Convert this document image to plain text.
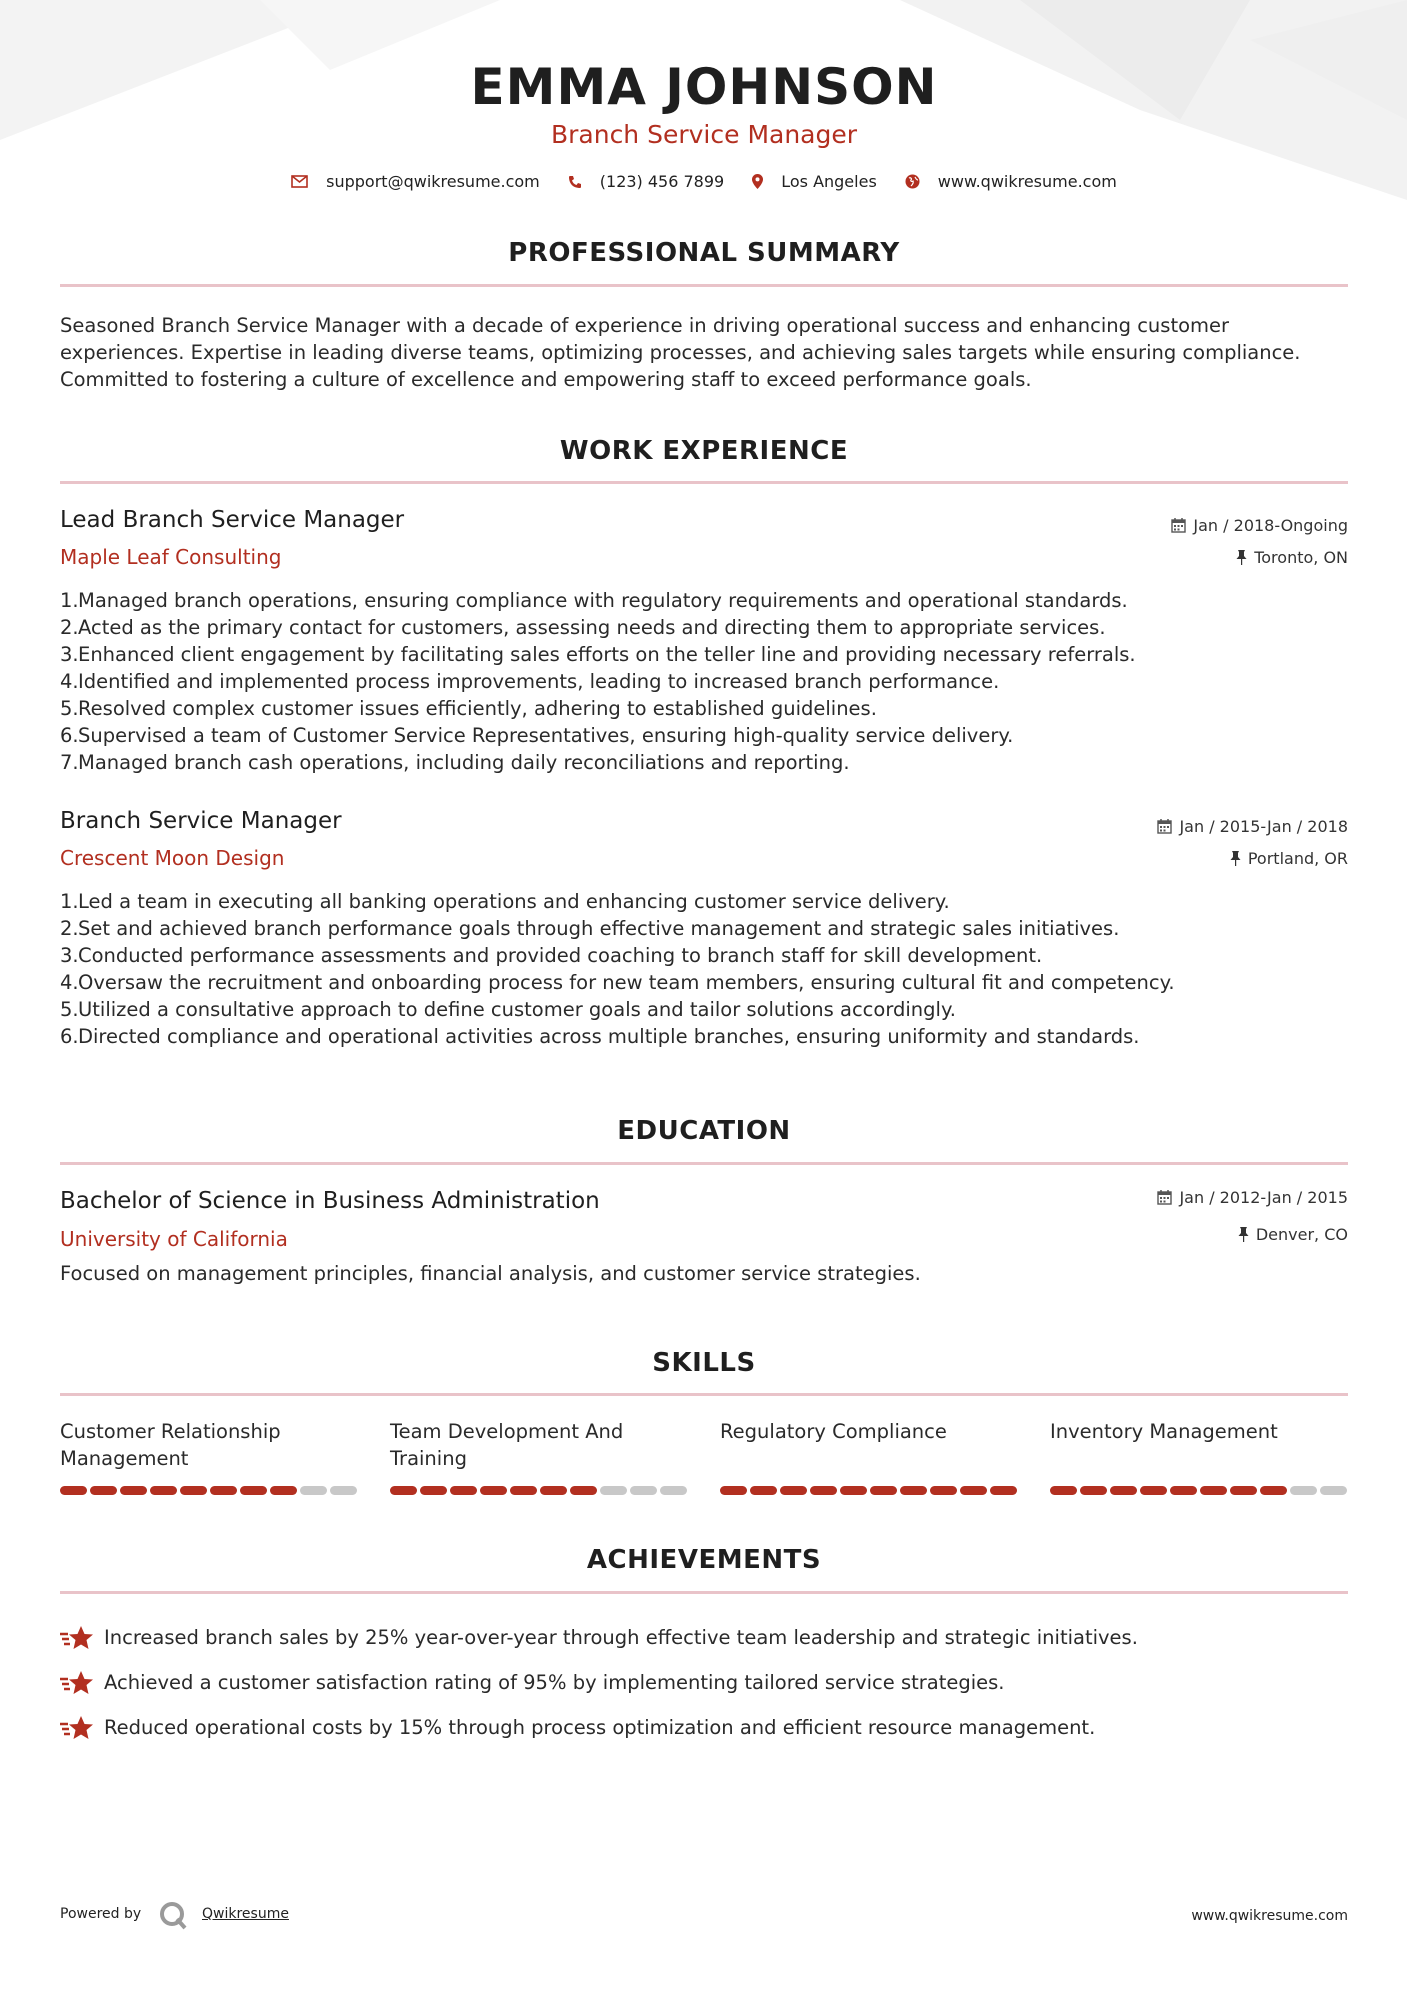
EMMA JOHNSON
Branch Service Manager
support@qwikresume.com	(123) 456 7899	Los Angeles	www.qwikresume.com
PROFESSIONAL SUMMARY
Seasoned Branch Service Manager with a decade of experience in driving operational success and enhancing customer experiences. Expertise in leading diverse teams, optimizing processes, and achieving sales targets while ensuring compliance. Committed to fostering a culture of excellence and empowering staff to exceed performance goals.
WORK EXPERIENCE
Lead Branch Service Manager
Maple Leaf Consulting
Jan / 2018-Ongoing
Toronto, ON
1. Managed branch operations, ensuring compliance with regulatory requirements and operational standards.
2. Acted as the primary contact for customers, assessing needs and directing them to appropriate services.
3. Enhanced client engagement by facilitating sales efforts on the teller line and providing necessary referrals.
4. Identified and implemented process improvements, leading to increased branch performance.
5. Resolved complex customer issues efficiently, adhering to established guidelines.
6. Supervised a team of Customer Service Representatives, ensuring high-quality service delivery.
7. Managed branch cash operations, including daily reconciliations and reporting.
Branch Service Manager
Crescent Moon Design
Jan / 2015-Jan / 2018
Portland, OR
1. Led a team in executing all banking operations and enhancing customer service delivery.
2. Set and achieved branch performance goals through effective management and strategic sales initiatives.
3. Conducted performance assessments and provided coaching to branch staff for skill development.
4. Oversaw the recruitment and onboarding process for new team members, ensuring cultural fit and competency.
5. Utilized a consultative approach to define customer goals and tailor solutions accordingly.
6. Directed compliance and operational activities across multiple branches, ensuring uniformity and standards.
EDUCATION
Bachelor of Science in Business Administration
University of California
Jan / 2012-Jan / 2015
Denver, CO
Focused on management principles, financial analysis, and customer service strategies.
SKILLS
Customer Relationship
Management
Team Development And
Training
Regulatory Compliance	Inventory Management
ACHIEVEMENTS
Increased branch sales by 25% year-over-year through effective team leadership and strategic initiatives.
Achieved a customer satisfaction rating of 95% by implementing tailored service strategies.
Reduced operational costs by 15% through process optimization and efficient resource management.
Powered by	Qwikresume	www.qwikresume.com
